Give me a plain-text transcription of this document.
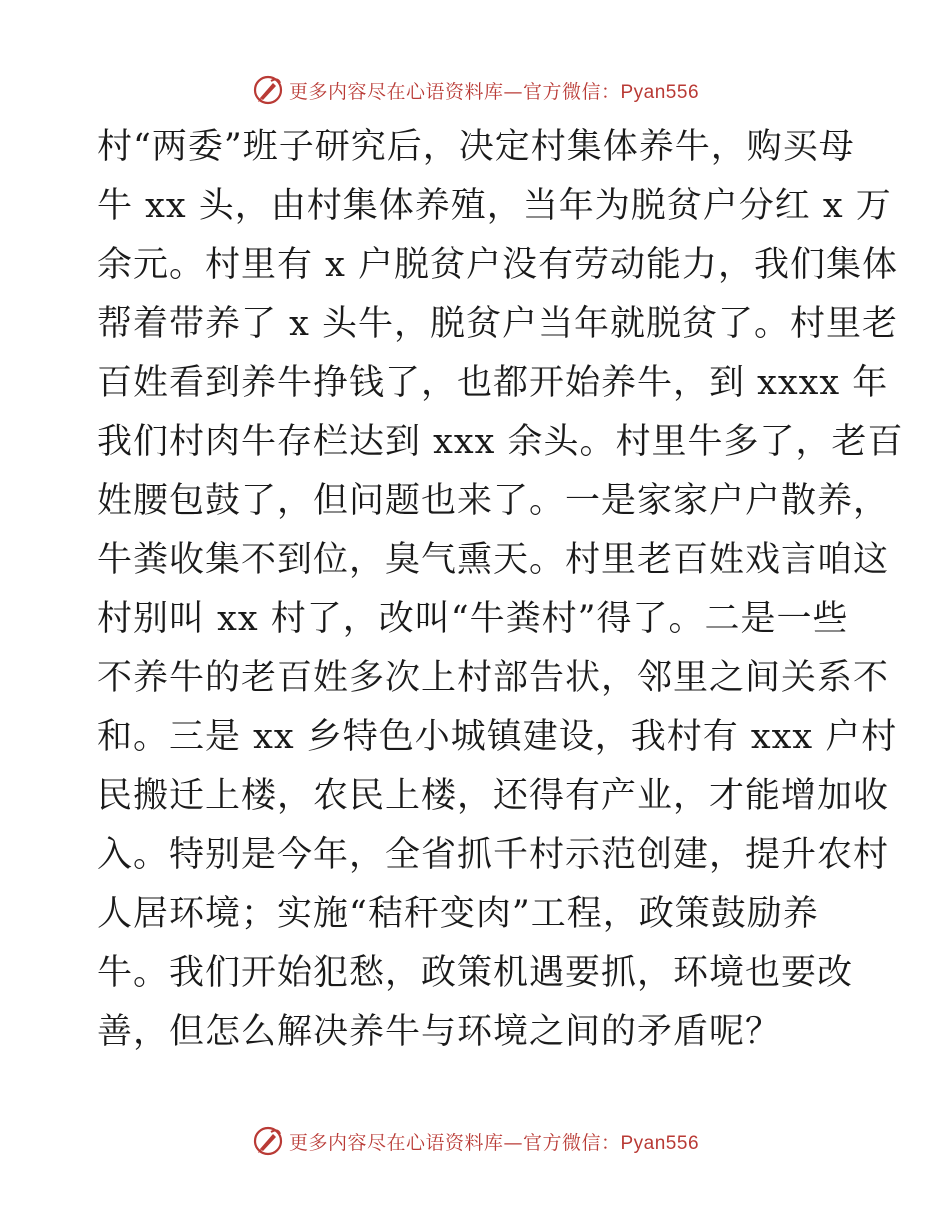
更多内容尽在心语资料库—官方微信：Pyan556
村“两委”班子研究后，决定村集体养牛，购买母
牛 xx 头，由村集体养殖，当年为脱贫户分红 x 万
余元。村里有 x 户脱贫户没有劳动能力，我们集体
帮着带养了 x 头牛，脱贫户当年就脱贫了。村里老
百姓看到养牛挣钱了，也都开始养牛，到 xxxx 年
我们村肉牛存栏达到 xxx 余头。村里牛多了，老百
姓腰包鼓了，但问题也来了。一是家家户户散养，
牛粪收集不到位，臭气熏天。村里老百姓戏言咱这
村别叫 xx 村了，改叫“牛粪村”得了。二是一些
不养牛的老百姓多次上村部告状，邻里之间关系不
和。三是 xx 乡特色小城镇建设，我村有 xxx 户村
民搬迁上楼，农民上楼，还得有产业，才能增加收
入。特别是今年，全省抓千村示范创建，提升农村
人居环境；实施“秸秆变肉”工程，政策鼓励养
牛。我们开始犯愁，政策机遇要抓，环境也要改
善，但怎么解决养牛与环境之间的矛盾呢？
更多内容尽在心语资料库—官方微信：Pyan556
